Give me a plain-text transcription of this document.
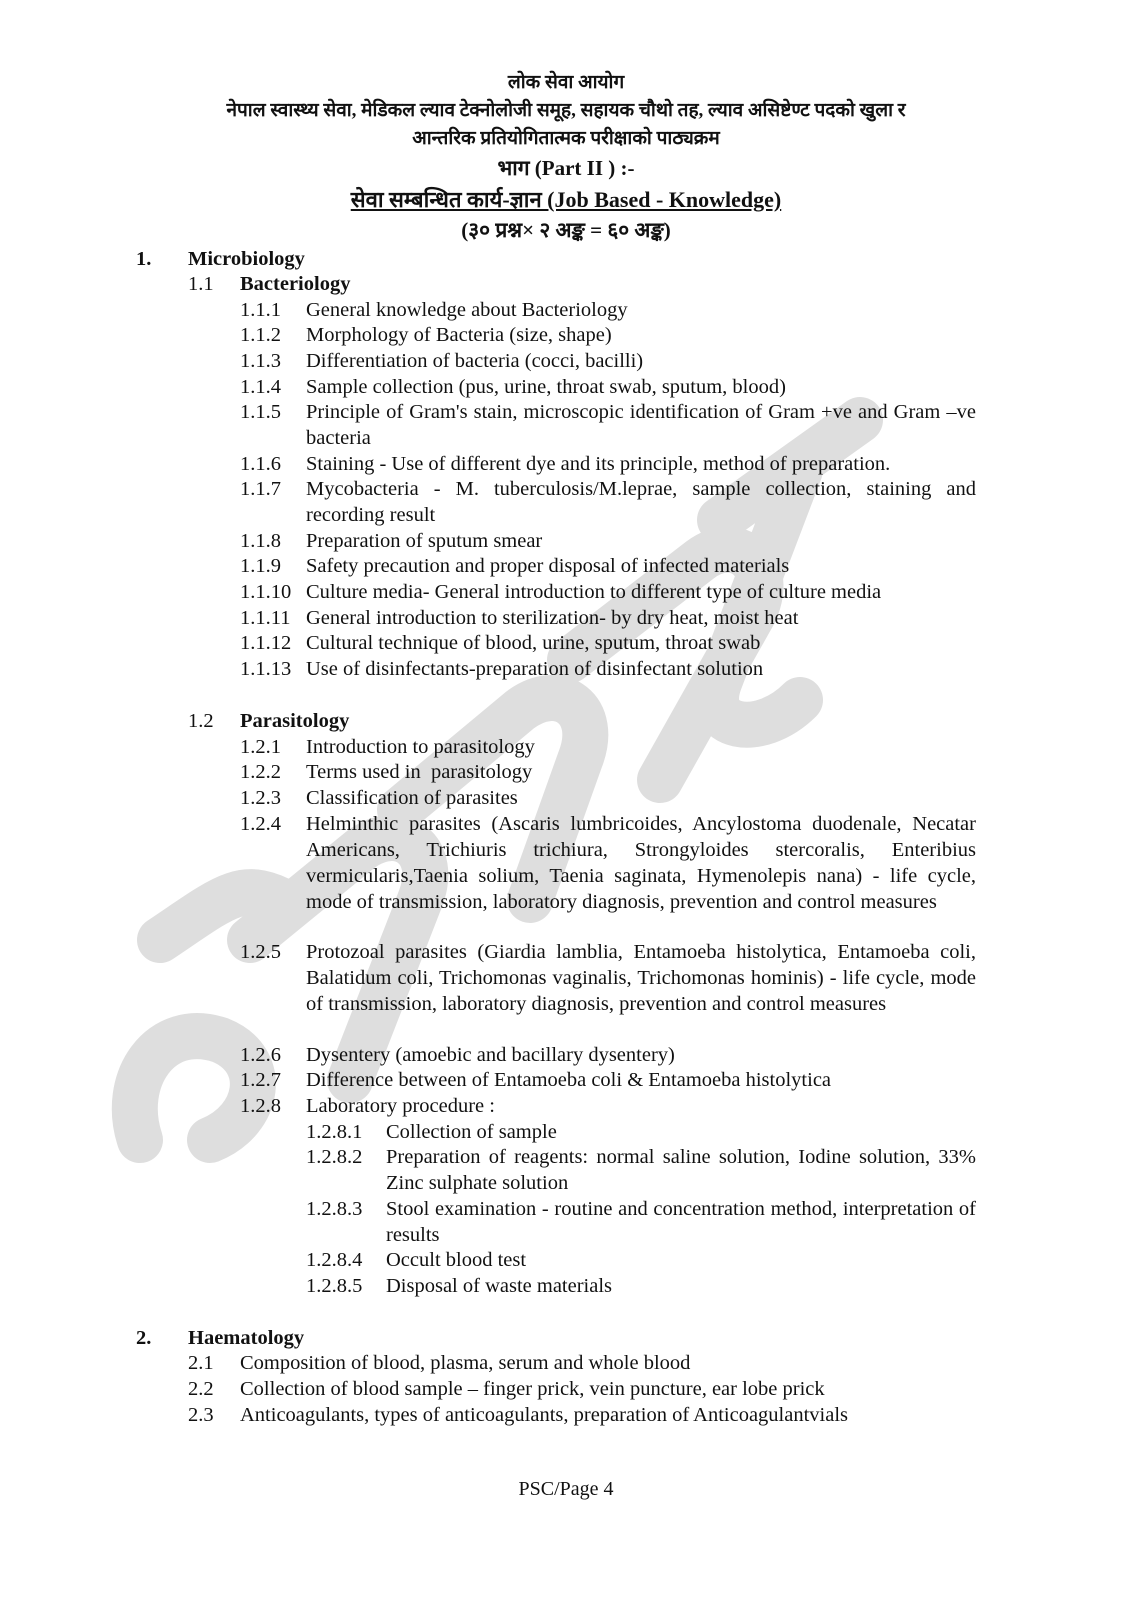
लोक सेवा आयोग
नेपाल स्वास्थ्य सेवा, मेडिकल ल्याव टेक्नोलोजी समूह, सहायक चौथो तह, ल्याव असिष्टेण्ट पदको खुला र
आन्तरिक प्रतियोगितात्मक परीक्षाको पाठ्यक्रम
भाग (Part II ) :-
सेवा सम्बन्धित कार्य-ज्ञान (Job Based - Knowledge)
(३० प्रश्न× २ अङ्क = ६० अङ्क)
1. Microbiology
1.1 Bacteriology
1.1.1 General knowledge about Bacteriology
1.1.2 Morphology of Bacteria (size, shape)
1.1.3 Differentiation of bacteria (cocci, bacilli)
1.1.4 Sample collection (pus, urine, throat swab, sputum, blood)
1.1.5 Principle of Gram's stain, microscopic identification of Gram +ve and Gram –ve bacteria
1.1.6 Staining - Use of different dye and its principle, method of preparation.
1.1.7 Mycobacteria - M. tuberculosis/M.leprae, sample collection, staining and recording result
1.1.8 Preparation of sputum smear
1.1.9 Safety precaution and proper disposal of infected materials
1.1.10 Culture media- General introduction to different type of culture media
1.1.11 General introduction to sterilization- by dry heat, moist heat
1.1.12 Cultural technique of blood, urine, sputum, throat swab
1.1.13 Use of disinfectants-preparation of disinfectant solution
1.2 Parasitology
1.2.1 Introduction to parasitology
1.2.2 Terms used in  parasitology
1.2.3 Classification of parasites
1.2.4 Helminthic parasites (Ascaris lumbricoides, Ancylostoma duodenale, Necatar Americans, Trichiuris trichiura, Strongyloides stercoralis, Enteribius vermicularis,Taenia solium, Taenia saginata, Hymenolepis nana) - life cycle, mode of transmission, laboratory diagnosis, prevention and control measures
1.2.5 Protozoal parasites (Giardia lamblia, Entamoeba histolytica, Entamoeba coli, Balatidum coli, Trichomonas vaginalis, Trichomonas hominis) - life cycle, mode of transmission, laboratory diagnosis, prevention and control measures
1.2.6 Dysentery (amoebic and bacillary dysentery)
1.2.7 Difference between of Entamoeba coli & Entamoeba histolytica
1.2.8 Laboratory procedure :
1.2.8.1 Collection of sample
1.2.8.2 Preparation of reagents: normal saline solution, Iodine solution, 33% Zinc sulphate solution
1.2.8.3 Stool examination - routine and concentration method, interpretation of results
1.2.8.4 Occult blood test
1.2.8.5 Disposal of waste materials
2. Haematology
2.1 Composition of blood, plasma, serum and whole blood
2.2 Collection of blood sample – finger prick, vein puncture, ear lobe prick
2.3 Anticoagulants, types of anticoagulants, preparation of Anticoagulantvials
PSC/Page 4
